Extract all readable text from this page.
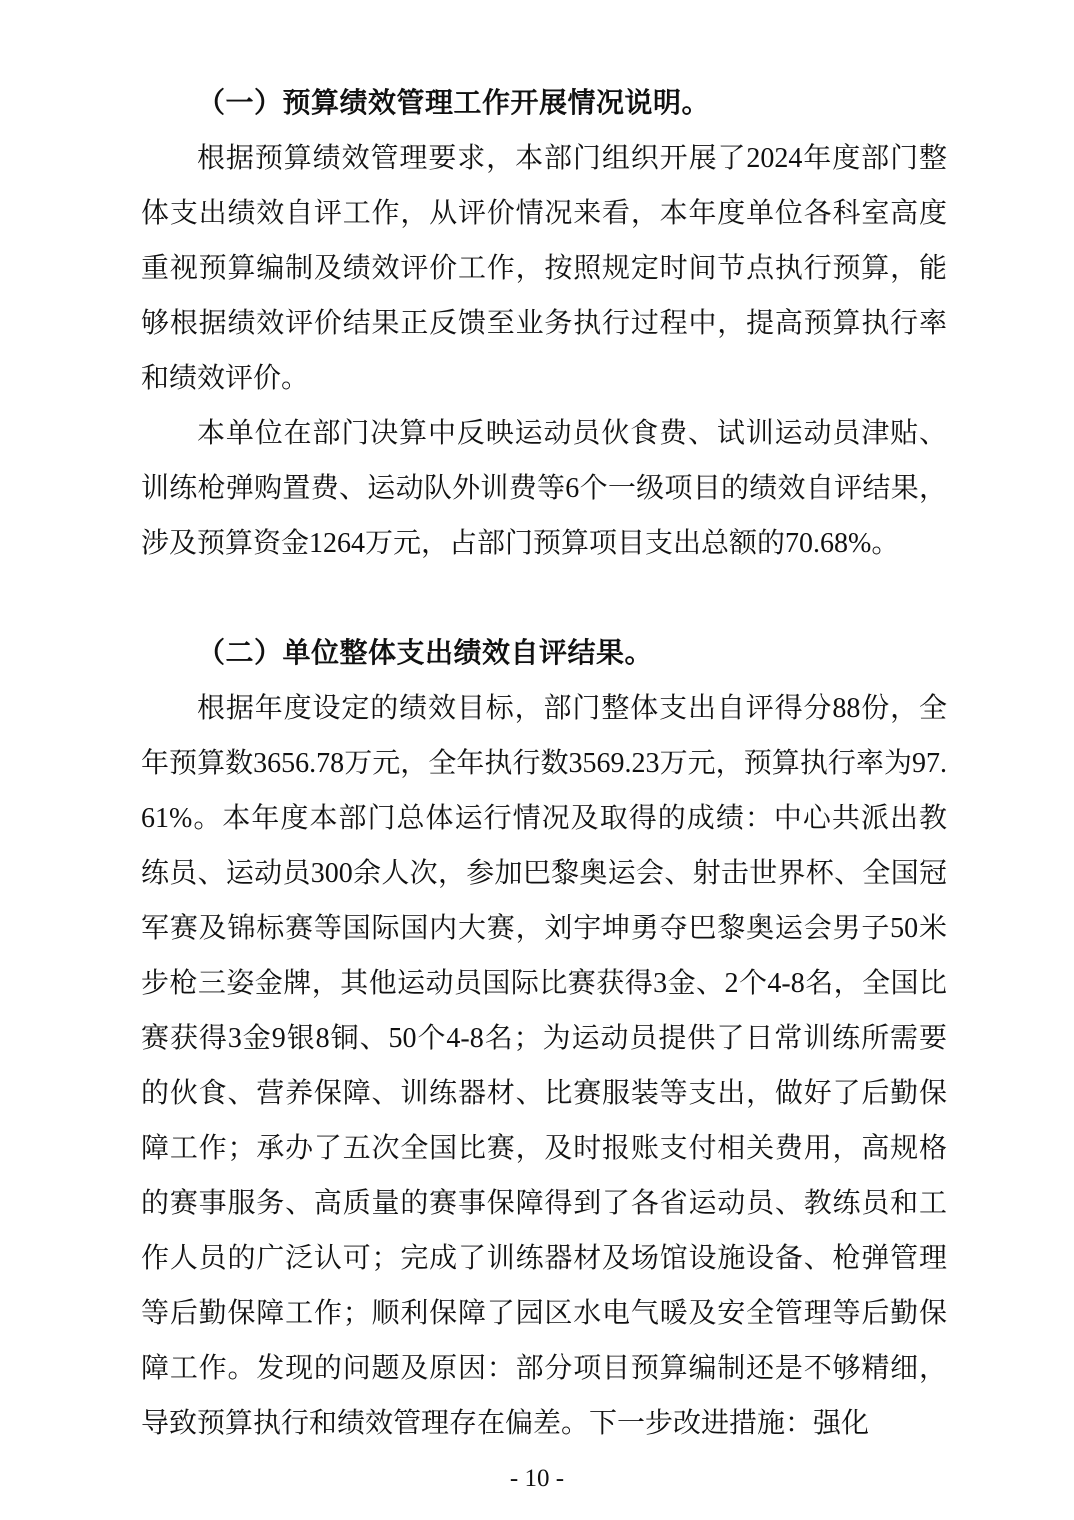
（一）预算绩效管理工作开展情况说明。

根据预算绩效管理要求，本部门组织开展了2024年度部门整体支出绩效自评工作，从评价情况来看，本年度单位各科室高度重视预算编制及绩效评价工作，按照规定时间节点执行预算，能够根据绩效评价结果正反馈至业务执行过程中，提高预算执行率和绩效评价。

本单位在部门决算中反映运动员伙食费、试训运动员津贴、训练枪弹购置费、运动队外训费等6个一级项目的绩效自评结果，涉及预算资金1264万元，占部门预算项目支出总额的70.68%。

（二）单位整体支出绩效自评结果。

根据年度设定的绩效目标，部门整体支出自评得分88份，全年预算数3656.78万元，全年执行数3569.23万元，预算执行率为97.61%。本年度本部门总体运行情况及取得的成绩：中心共派出教练员、运动员300余人次，参加巴黎奥运会、射击世界杯、全国冠军赛及锦标赛等国际国内大赛，刘宇坤勇夺巴黎奥运会男子50米步枪三姿金牌，其他运动员国际比赛获得3金、2个4-8名，全国比赛获得3金9银8铜、50个4-8名；为运动员提供了日常训练所需要的伙食、营养保障、训练器材、比赛服装等支出，做好了后勤保障工作；承办了五次全国比赛，及时报账支付相关费用，高规格的赛事服务、高质量的赛事保障得到了各省运动员、教练员和工作人员的广泛认可；完成了训练器材及场馆设施设备、枪弹管理等后勤保障工作；顺利保障了园区水电气暖及安全管理等后勤保障工作。发现的问题及原因：部分项目预算编制还是不够精细，导致预算执行和绩效管理存在偏差。下一步改进措施：强化

- 10 -
